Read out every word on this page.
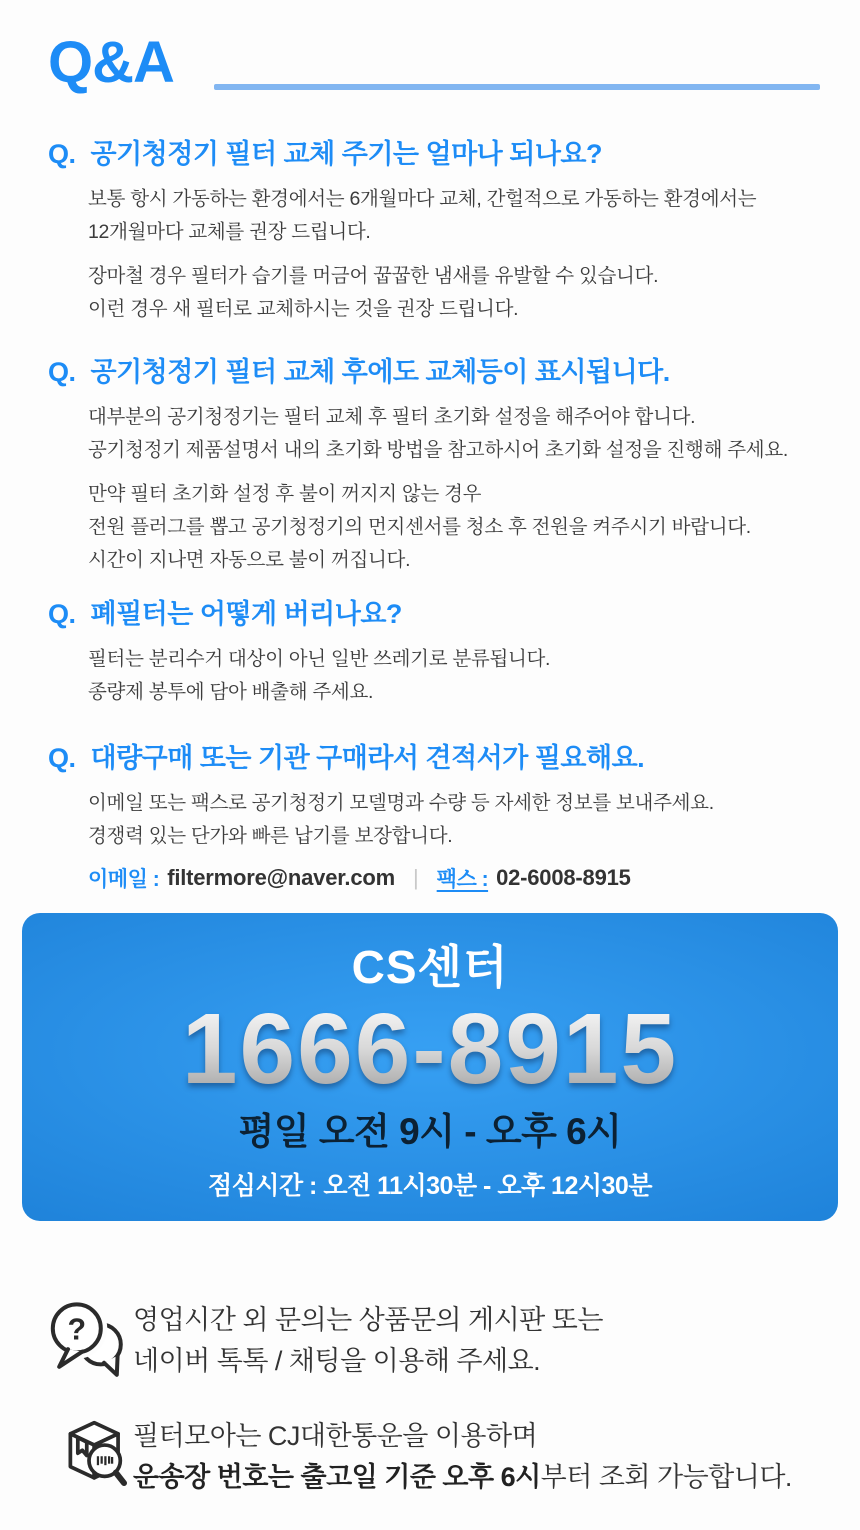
Q&A
Q. 공기청정기 필터 교체 주기는 얼마나 되나요?

보통 항시 가동하는 환경에서는 6개월마다 교체, 간헐적으로 가동하는 환경에서는
12개월마다 교체를 권장 드립니다.

장마철 경우 필터가 습기를 머금어 꿉꿉한 냄새를 유발할 수 있습니다.
이런 경우 새 필터로 교체하시는 것을 권장 드립니다.

Q. 공기청정기 필터 교체 후에도 교체등이 표시됩니다.

대부분의 공기청정기는 필터 교체 후 필터 초기화 설정을 해주어야 합니다.
공기청정기 제품설명서 내의 초기화 방법을 참고하시어 초기화 설정을 진행해 주세요.

만약 필터 초기화 설정 후 불이 꺼지지 않는 경우
전원 플러그를 뽑고 공기청정기의 먼지센서를 청소 후 전원을 켜주시기 바랍니다.
시간이 지나면 자동으로 불이 꺼집니다.

Q. 폐필터는 어떻게 버리나요?

필터는 분리수거 대상이 아닌 일반 쓰레기로 분류됩니다.
종량제 봉투에 담아 배출해 주세요.

Q. 대량구매 또는 기관 구매라서 견적서가 필요해요.

이메일 또는 팩스로 공기청정기 모델명과 수량 등 자세한 정보를 보내주세요.
경쟁력 있는 단가와 빠른 납기를 보장합니다.

이메일 : filtermore@naver.com | 팩스 : 02-6008-8915
CS센터
1666-8915
평일 오전 9시 - 오후 6시
점심시간 : 오전 11시30분 - 오후 12시30분
? 영업시간 외 문의는 상품문의 게시판 또는
네이버 톡톡 / 채팅을 이용해 주세요.
필터모아는 CJ대한통운을 이용하며
운송장 번호는 출고일 기준 오후 6시부터 조회 가능합니다.
